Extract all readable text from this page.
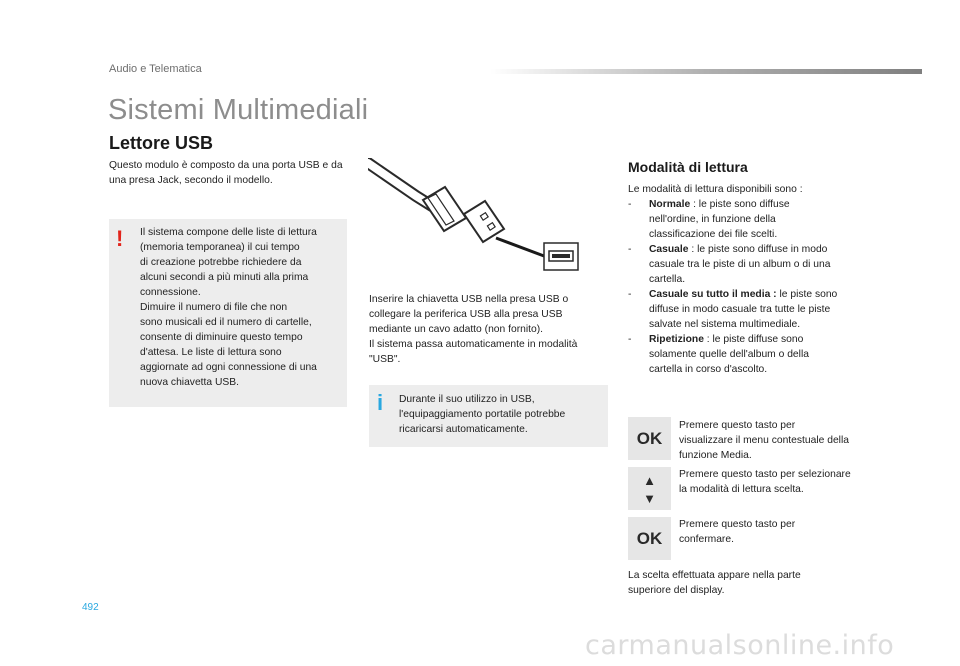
Audio e Telematica
Sistemi Multimediali
Lettore USB
Questo modulo è composto da una porta USB e da una presa Jack, secondo il modello.
! Il sistema compone delle liste di lettura
(memoria temporanea) il cui tempo
di creazione potrebbe richiedere da
alcuni secondi a più minuti alla prima
connessione.
Dimuire il numero di file che non
sono musicali ed il numero di cartelle,
consente di diminuire questo tempo
d'attesa. Le liste di lettura sono
aggiornate ad ogni connessione di una
nuova chiavetta USB.
Inserire la chiavetta USB nella presa USB o
collegare la periferica USB alla presa USB
mediante un cavo adatto (non fornito).
Il sistema passa automaticamente in modalità
"USB".
i Durante il suo utilizzo in USB,
l'equipaggiamento portatile potrebbe
ricaricarsi automaticamente.
Modalità di lettura
Le modalità di lettura disponibili sono :
- Normale : le piste sono diffuse
nell'ordine, in funzione della
classificazione dei file scelti.
- Casuale : le piste sono diffuse in modo
casuale tra le piste di un album o di una
cartella.
- Casuale su tutto il media : le piste sono
diffuse in modo casuale tra tutte le piste
salvate nel sistema multimediale.
- Ripetizione : le piste diffuse sono
solamente quelle dell'album o della
cartella in corso d'ascolto.
OK
Premere questo tasto per
visualizzare il menu contestuale della
funzione Media.
▲
▼
Premere questo tasto per selezionare
la modalità di lettura scelta.
OK
Premere questo tasto per
confermare.
La scelta effettuata appare nella parte
superiore del display.
492
carmanualsonline.info
